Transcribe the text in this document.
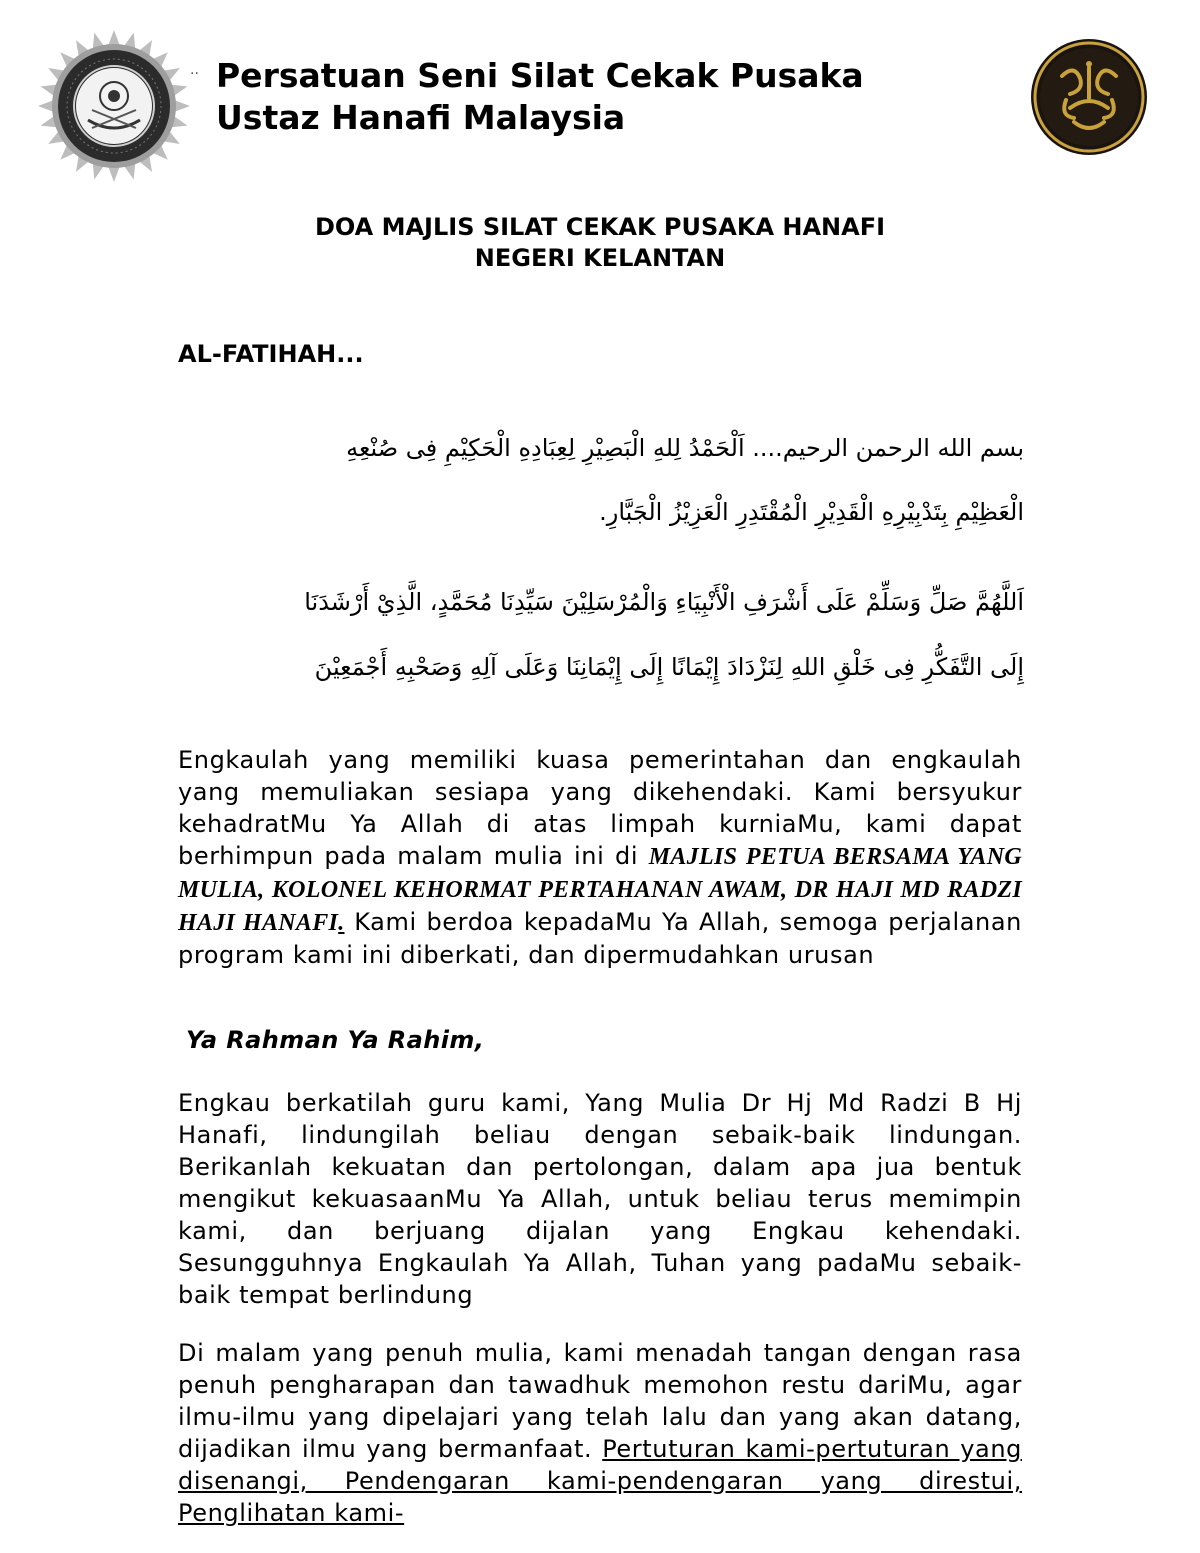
·· Persatuan Seni Silat Cekak Pusaka
Ustaz Hanafi Malaysia
DOA MAJLIS SILAT CEKAK PUSAKA HANAFI
NEGERI KELANTAN
AL-FATIHAH...

بسم الله الرحمن الرحيم.... اَلْحَمْدُ لِلهِ الْبَصِيْرِ لِعِبَادِهِ الْحَكِيْمِ فِى صُنْعِهِ

الْعَظِيْمِ بِتَدْبِيْرِهِ الْقَدِيْرِ الْمُقْتَدِرِ الْعَزِيْزُ الْجَبَّارِ.

اَللَّهُمَّ صَلِّ وَسَلِّمْ عَلَى أَشْرَفِ الْأَنْبِيَاءِ وَالْمُرْسَلِيْنَ سَيِّدِنَا مُحَمَّدٍ، الَّذِيْ أَرْشَدَنَا

إِلَى التَّفَكُّرِ فِى خَلْقِ اللهِ لِنَزْدَادَ إِيْمَانًا إِلَى إِيْمَانِنَا وَعَلَى آلِهِ وَصَحْبِهِ أَجْمَعِيْنَ

Engkaulah yang memiliki kuasa pemerintahan dan engkaulah yang memuliakan sesiapa yang dikehendaki. Kami bersyukur kehadratMu Ya Allah di atas limpah kurniaMu, kami dapat berhimpun pada malam mulia ini di MAJLIS PETUA BERSAMA YANG MULIA, KOLONEL KEHORMAT PERTAHANAN AWAM, DR HAJI MD RADZI HAJI HANAFI. Kami berdoa kepadaMu Ya Allah, semoga perjalanan program kami ini diberkati, dan dipermudahkan urusan

Ya Rahman Ya Rahim,

Engkau berkatilah guru kami, Yang Mulia Dr Hj Md Radzi B Hj Hanafi, lindungilah beliau dengan sebaik-baik lindungan. Berikanlah kekuatan dan pertolongan, dalam apa jua bentuk mengikut kekuasaanMu Ya Allah, untuk beliau terus memimpin kami, dan berjuang dijalan yang Engkau kehendaki. Sesungguhnya Engkaulah Ya Allah, Tuhan yang padaMu sebaik-baik tempat berlindung

Di malam yang penuh mulia, kami menadah tangan dengan rasa penuh pengharapan dan tawadhuk memohon restu dariMu, agar ilmu-ilmu yang dipelajari yang telah lalu dan yang akan datang, dijadikan ilmu yang bermanfaat. Pertuturan kami-pertuturan yang disenangi, Pendengaran kami-pendengaran yang direstui, Penglihatan kami-
